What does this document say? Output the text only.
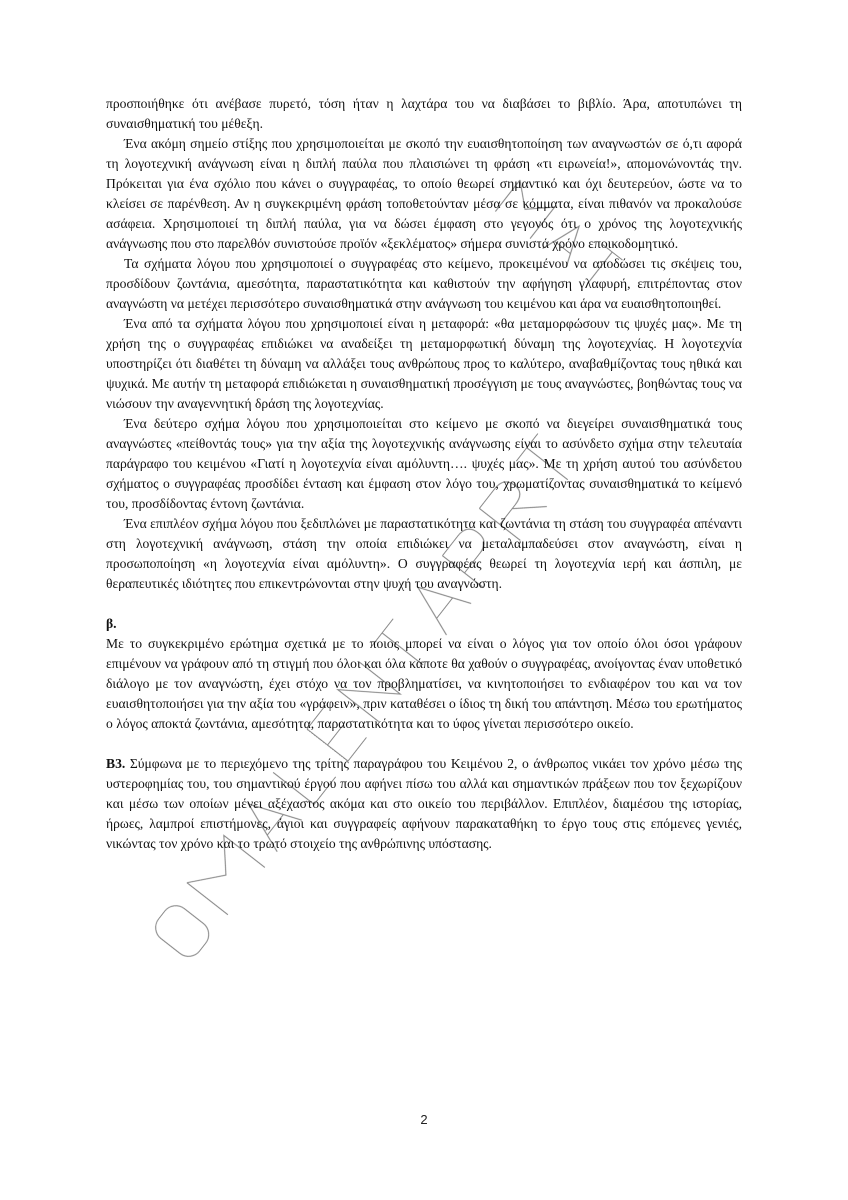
προσποιήθηκε ότι ανέβασε πυρετό, τόση ήταν η λαχτάρα του να διαβάσει το βιβλίο. Άρα, αποτυπώνει τη συναισθηματική του μέθεξη.

Ένα ακόμη σημείο στίξης που χρησιμοποιείται με σκοπό την ευαισθητοποίηση των αναγνωστών σε ό,τι αφορά τη λογοτεχνική ανάγνωση είναι η διπλή παύλα που πλαισιώνει τη φράση «τι ειρωνεία!», απομονώνοντάς την. Πρόκειται για ένα σχόλιο που κάνει ο συγγραφέας, το οποίο θεωρεί σημαντικό και όχι δευτερεύον, ώστε να το κλείσει σε παρένθεση. Αν η συγκεκριμένη φράση τοποθετούνταν μέσα σε κόμματα, είναι πιθανόν να προκαλούσε ασάφεια. Χρησιμοποιεί τη διπλή παύλα, για να δώσει έμφαση στο γεγονός ότι ο χρόνος της λογοτεχνικής ανάγνωσης που στο παρελθόν συνιστούσε προϊόν «ξεκλέματος» σήμερα συνιστά χρόνο εποικοδομητικό.

Τα σχήματα λόγου που χρησιμοποιεί ο συγγραφέας στο κείμενο, προκειμένου να αποδώσει τις σκέψεις του, προσδίδουν ζωντάνια, αμεσότητα, παραστατικότητα και καθιστούν την αφήγηση γλαφυρή, επιτρέποντας στον αναγνώστη να μετέχει περισσότερο συναισθηματικά στην ανάγνωση του κειμένου και άρα να ευαισθητοποιηθεί.

Ένα από τα σχήματα λόγου που χρησιμοποιεί είναι η μεταφορά: «θα μεταμορφώσουν τις ψυχές μας». Με τη χρήση της ο συγγραφέας επιδιώκει να αναδείξει τη μεταμορφωτική δύναμη της λογοτεχνίας. Η λογοτεχνία υποστηρίζει ότι διαθέτει τη δύναμη να αλλάξει τους ανθρώπους προς το καλύτερο, αναβαθμίζοντας τους ηθικά και ψυχικά. Με αυτήν τη μεταφορά επιδιώκεται η συναισθηματική προσέγγιση με τους αναγνώστες, βοηθώντας τους να νιώσουν την αναγεννητική δράση της λογοτεχνίας.

Ένα δεύτερο σχήμα λόγου που χρησιμοποιείται στο κείμενο με σκοπό να διεγείρει συναισθηματικά τους αναγνώστες «πείθοντάς τους» για την αξία της λογοτεχνικής ανάγνωσης είναι το ασύνδετο σχήμα στην τελευταία παράγραφο του κειμένου «Γιατί η λογοτεχνία είναι αμόλυντη…. ψυχές μας». Με τη χρήση αυτού του ασύνδετου σχήματος ο συγγραφέας προσδίδει ένταση και έμφαση στον λόγο του, χρωματίζοντας συναισθηματικά το κείμενό του, προσδίδοντας έντονη ζωντάνια.

Ένα επιπλέον σχήμα λόγου που ξεδιπλώνει με παραστατικότητα και ζωντάνια τη στάση του συγγραφέα απέναντι στη λογοτεχνική ανάγνωση, στάση την οποία επιδιώκει να μεταλαμπαδεύσει στον αναγνώστη, είναι η προσωποποίηση «η λογοτεχνία είναι αμόλυντη». Ο συγγραφέας θεωρεί τη λογοτεχνία ιερή και άσπιλη, με θεραπευτικές ιδιότητες που επικεντρώνονται στην ψυχή του αναγνώστη.

β.

Με το συγκεκριμένο ερώτημα σχετικά με το ποιος μπορεί να είναι ο λόγος για τον οποίο όλοι όσοι γράφουν επιμένουν να γράφουν από τη στιγμή που όλοι και όλα κάποτε θα χαθούν ο συγγραφέας, ανοίγοντας έναν υποθετικό διάλογο με τον αναγνώστη, έχει στόχο να τον προβληματίσει, να κινητοποιήσει το ενδιαφέρον του και να τον ευαισθητοποιήσει για την αξία του «γράφειν», πριν καταθέσει ο ίδιος τη δική του απάντηση. Μέσω του ερωτήματος ο λόγος αποκτά ζωντάνια, αμεσότητα, παραστατικότητα και το ύφος γίνεται περισσότερο οικείο.

Β3. Σύμφωνα με το περιεχόμενο της τρίτης παραγράφου του Κειμένου 2, ο άνθρωπος νικάει τον χρόνο μέσω της υστεροφημίας του, του σημαντικού έργου που αφήνει πίσω του αλλά και σημαντικών πράξεων που τον ξεχωρίζουν και μέσω των οποίων μένει αξέχαστος ακόμα και στο οικείο του περιβάλλον. Επιπλέον, διαμέσου της ιστορίας, ήρωες, λαμπροί επιστήμονες, άγιοι και συγγραφείς αφήνουν παρακαταθήκη το έργο τους στις επόμενες γενιές, νικώντας τον χρόνο και το τρωτό στοιχείο της ανθρώπινης υπόστασης.

2
